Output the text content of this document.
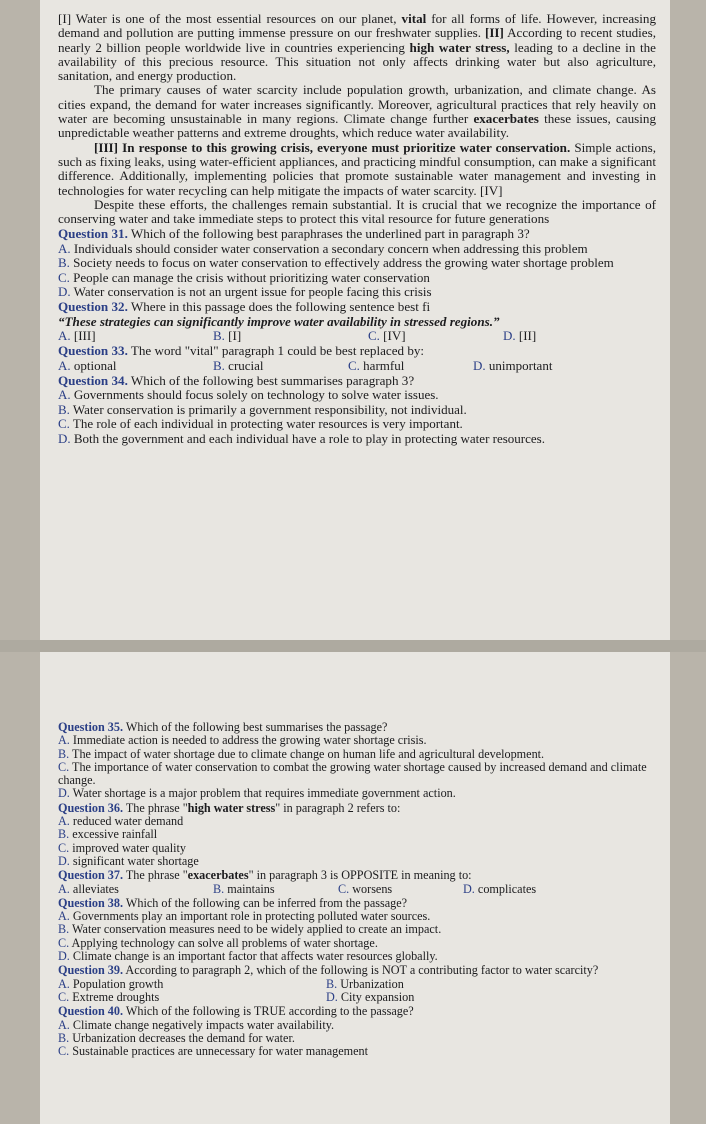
[I] Water is one of the most essential resources on our planet, vital for all forms of life. However, increasing demand and pollution are putting immense pressure on our freshwater supplies. [II] According to recent studies, nearly 2 billion people worldwide live in countries experiencing high water stress, leading to a decline in the availability of this precious resource. This situation not only affects drinking water but also agriculture, sanitation, and energy production.

The primary causes of water scarcity include population growth, urbanization, and climate change. As cities expand, the demand for water increases significantly. Moreover, agricultural practices that rely heavily on water are becoming unsustainable in many regions. Climate change further exacerbates these issues, causing unpredictable weather patterns and extreme droughts, which reduce water availability.

[III] In response to this growing crisis, everyone must prioritize water conservation. Simple actions, such as fixing leaks, using water-efficient appliances, and practicing mindful consumption, can make a significant difference. Additionally, implementing policies that promote sustainable water management and investing in technologies for water recycling can help mitigate the impacts of water scarcity. [IV]

Despite these efforts, the challenges remain substantial. It is crucial that we recognize the importance of conserving water and take immediate steps to protect this vital resource for future generations

Question 31. Which of the following best paraphrases the underlined part in paragraph 3?

A. Individuals should consider water conservation a secondary concern when addressing this problem
B. Society needs to focus on water conservation to effectively address the growing water shortage problem
C. People can manage the crisis without prioritizing water conservation
D. Water conservation is not an urgent issue for people facing this crisis

Question 32. Where in this passage does the following sentence best fi

“These strategies can significantly improve water availability in stressed regions.”

A. [III]	B. [I]	C. [IV]	D. [II]

Question 33. The word "vital" paragraph 1 could be best replaced by:

A. optional	B. crucial	C. harmful	D. unimportant

Question 34. Which of the following best summarises paragraph 3?

A. Governments should focus solely on technology to solve water issues.
B. Water conservation is primarily a government responsibility, not individual.
C. The role of each individual in protecting water resources is very important.
D. Both the government and each individual have a role to play in protecting water resources.

Question 35. Which of the following best summarises the passage?

A. Immediate action is needed to address the growing water shortage crisis.
B. The impact of water shortage due to climate change on human life and agricultural development.
C. The importance of water conservation to combat the growing water shortage caused by increased demand and climate change.
D. Water shortage is a major problem that requires immediate government action.

Question 36. The phrase "high water stress" in paragraph 2 refers to:

A. reduced water demand
B. excessive rainfall
C. improved water quality
D. significant water shortage

Question 37. The phrase "exacerbates" in paragraph 3 is OPPOSITE in meaning to:

A. alleviates	B. maintains	C. worsens	D. complicates

Question 38. Which of the following can be inferred from the passage?

A. Governments play an important role in protecting polluted water sources.
B. Water conservation measures need to be widely applied to create an impact.
C. Applying technology can solve all problems of water shortage.
D. Climate change is an important factor that affects water resources globally.

Question 39. According to paragraph 2, which of the following is NOT a contributing factor to water scarcity?

A. Population growth	B. Urbanization
C. Extreme droughts	D. City expansion

Question 40. Which of the following is TRUE according to the passage?

A. Climate change negatively impacts water availability.
B. Urbanization decreases the demand for water.
C. Sustainable practices are unnecessary for water management
